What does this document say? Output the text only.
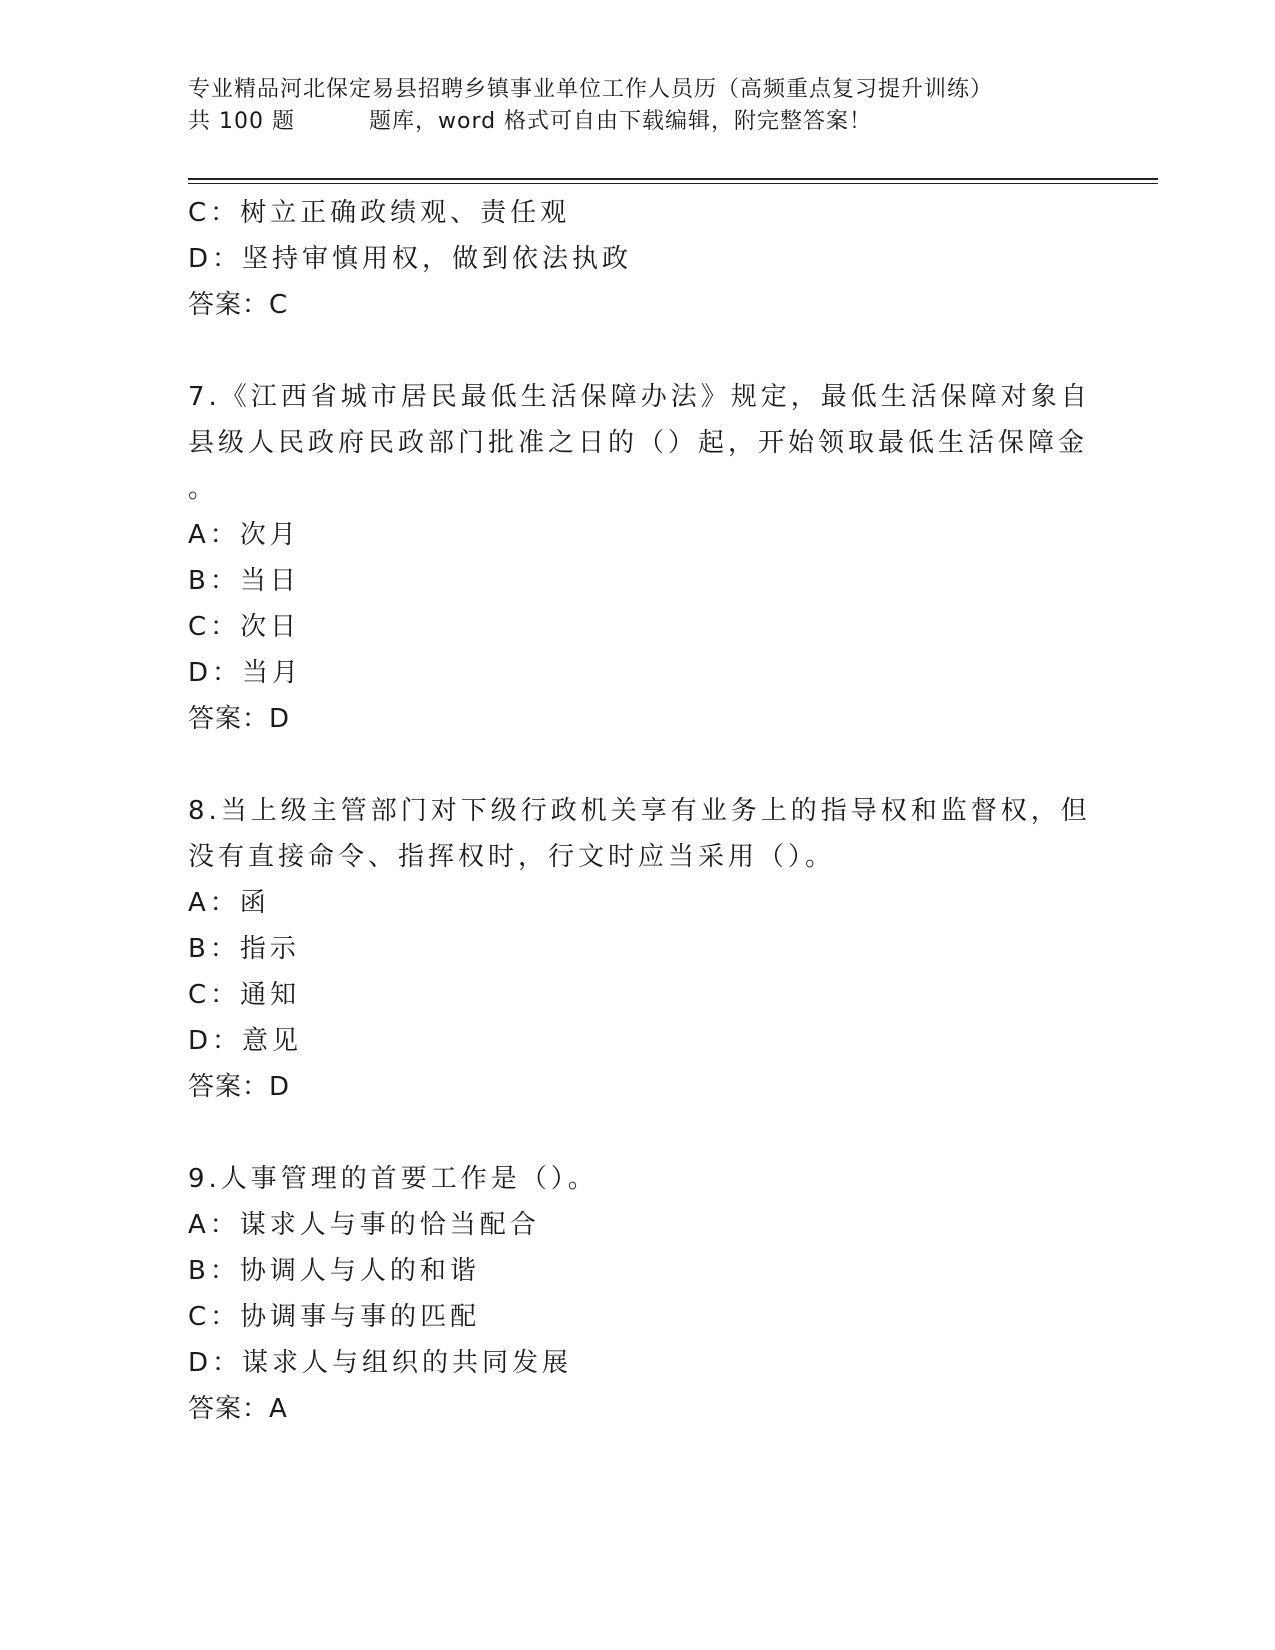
专业精品河北保定易县招聘乡镇事业单位工作人员历（高频重点复习提升训练）
共 100 题	题库，word 格式可自由下载编辑，附完整答案！
C：树立正确政绩观、责任观
D：坚持审慎用权，做到依法执政
答案：C
7.《江西省城市居民最低生活保障办法》规定，最低生活保障对象自
县级人民政府民政部门批准之日的（）起，开始领取最低生活保障金
。
A：次月
B：当日
C：次日
D：当月
答案：D
8.当上级主管部门对下级行政机关享有业务上的指导权和监督权，但
没有直接命令、指挥权时，行文时应当采用（）。
A：函
B：指示
C：通知
D：意见
答案：D
9.人事管理的首要工作是（）。
A：谋求人与事的恰当配合
B：协调人与人的和谐
C：协调事与事的匹配
D：谋求人与组织的共同发展
答案：A
